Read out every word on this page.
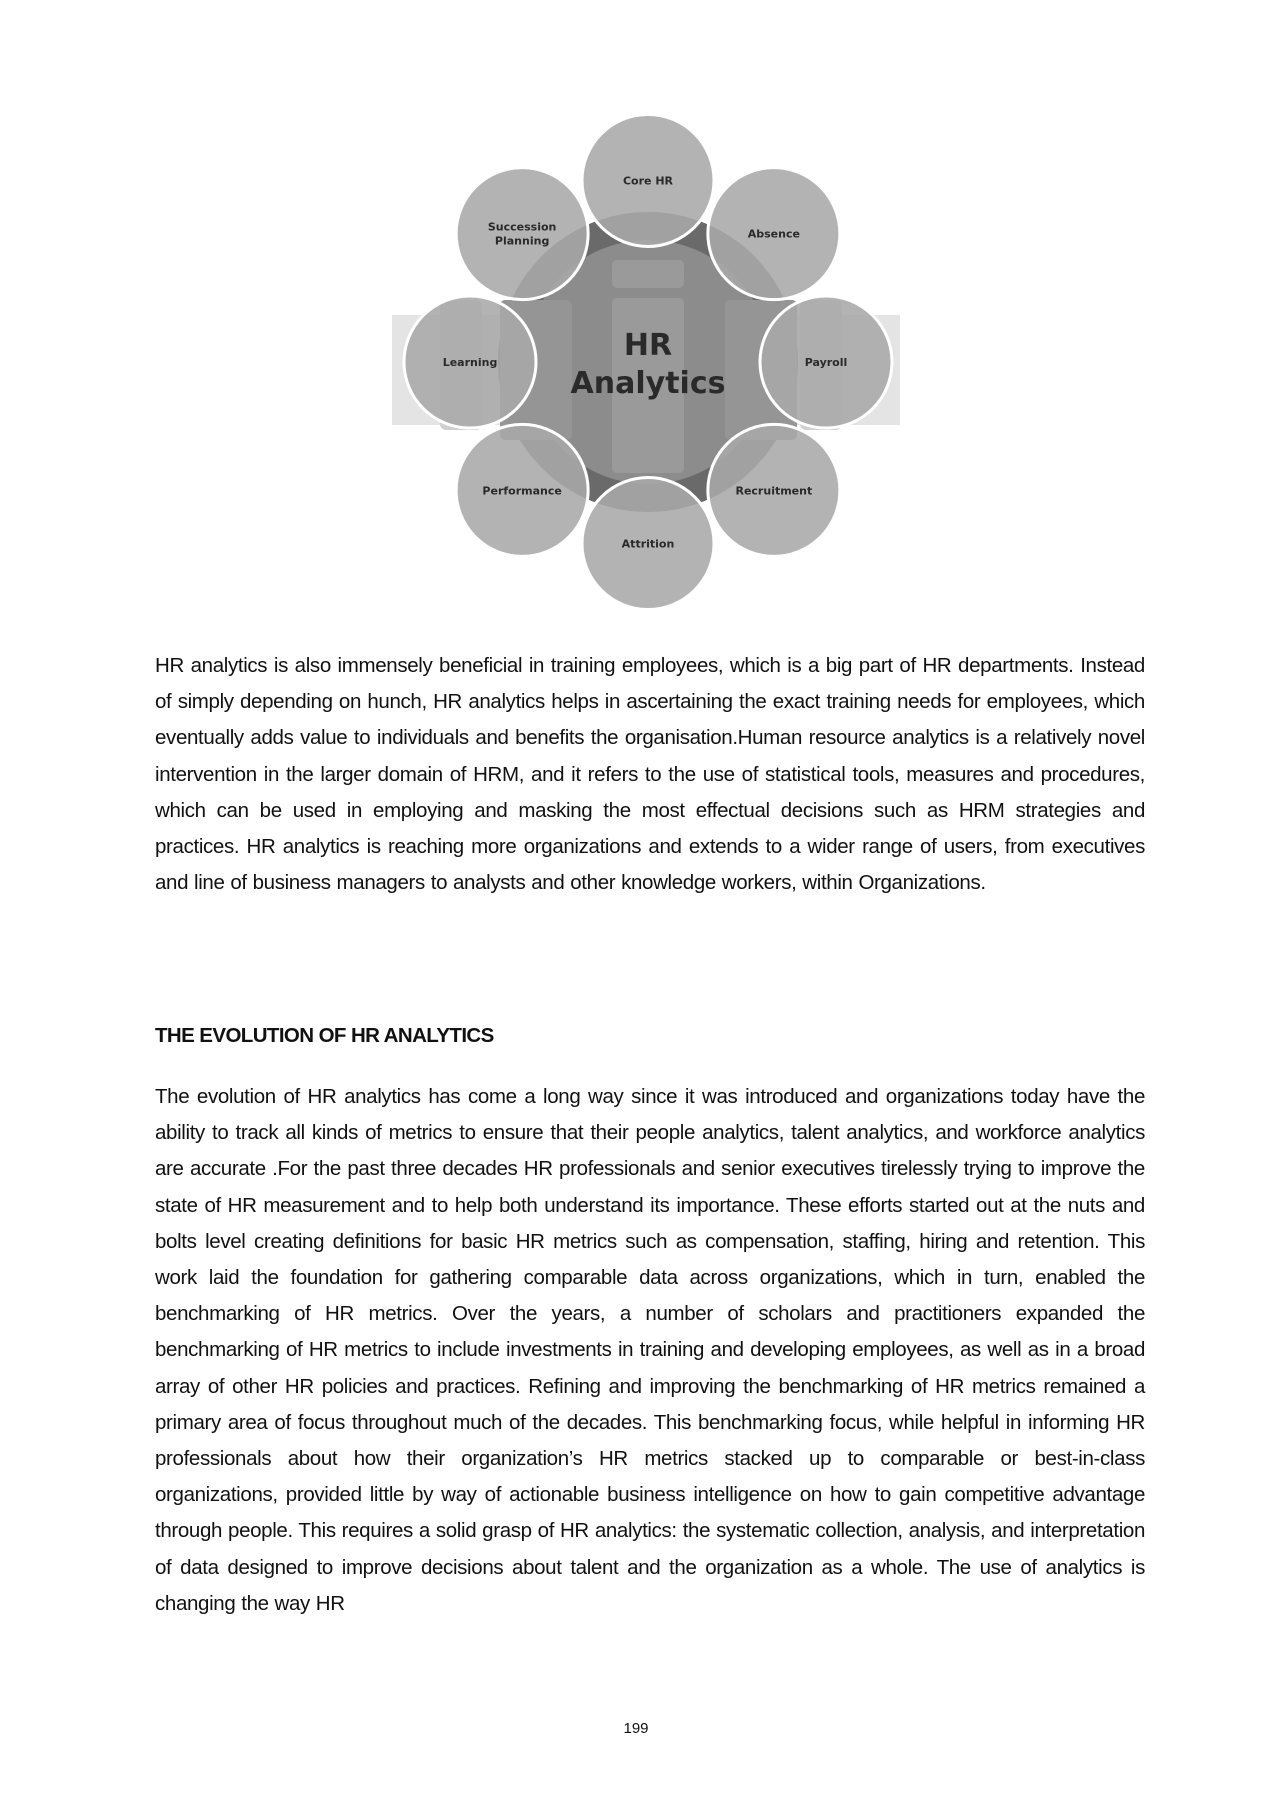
Core HR
Absence
Payroll
Recruitment
Attrition
Performance
Learning
Succession
Planning
HR
Analytics

HR analytics is also immensely beneficial in training employees, which is a big part of HR departments. Instead of simply depending on hunch, HR analytics helps in ascertaining the exact training needs for employees, which eventually adds value to individuals and benefits the organisation.Human resource analytics is a relatively novel intervention in the larger domain of HRM, and it refers to the use of statistical tools, measures and procedures, which can be used in employing and masking the most effectual decisions such as HRM strategies and practices. HR analytics is reaching more organizations and extends to a wider range of users, from executives and line of business managers to analysts and other knowledge workers, within Organizations.

THE EVOLUTION OF HR ANALYTICS

The evolution of HR analytics has come a long way since it was introduced and organizations today have the ability to track all kinds of metrics to ensure that their people analytics, talent analytics, and workforce analytics are accurate .For the past three decades HR professionals and senior executives tirelessly trying to improve the state of HR measurement and to help both understand its importance. These efforts started out at the nuts and bolts level creating definitions for basic HR metrics such as compensation, staffing, hiring and retention. This work laid the foundation for gathering comparable data across organizations, which in turn, enabled the benchmarking of HR metrics. Over the years, a number of scholars and practitioners expanded the benchmarking of HR metrics to include investments in training and developing employees, as well as in a broad array of other HR policies and practices. Refining and improving the benchmarking of HR metrics remained a primary area of focus throughout much of the decades. This benchmarking focus, while helpful in informing HR professionals about how their organization’s HR metrics stacked up to comparable or best-in-class organizations, provided little by way of actionable business intelligence on how to gain competitive advantage through people. This requires a solid grasp of HR analytics: the systematic collection, analysis, and interpretation of data designed to improve decisions about talent and the organization as a whole. The use of analytics is changing the way HR

199
